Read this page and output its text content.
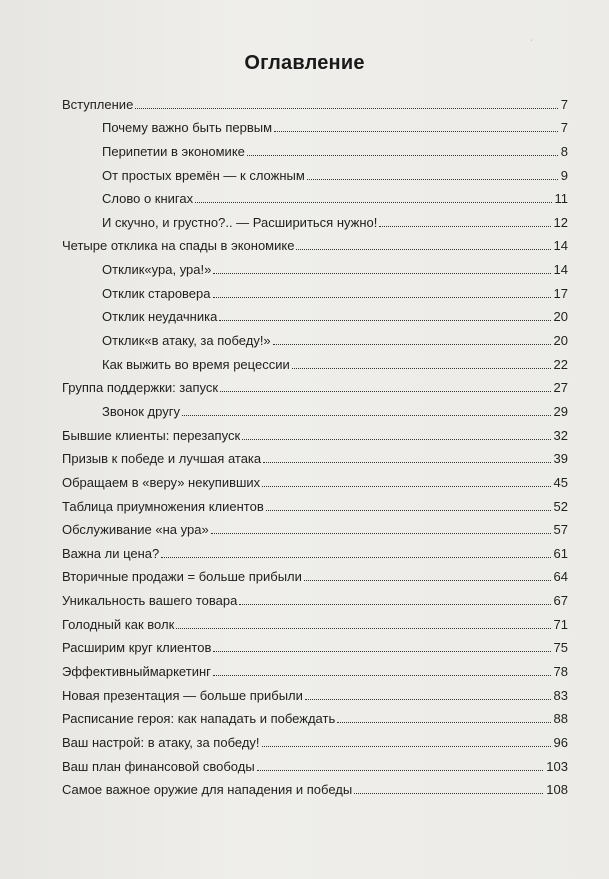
ˈ
Оглавление
Вступление	7
Почему важно быть первым	7
Перипетии в экономике	8
От простых времён — к сложным	9
Слово о книгах	11
И скучно, и грустно?.. — Расшириться нужно!	12
Четыре отклика на спады в экономике	14
Отклик«ура, ура!»	14
Отклик старовера	17
Отклик неудачника	20
Отклик«в атаку, за победу!»	20
Как выжить во время рецессии	22
Группа поддержки: запуск	27
Звонок другу	29
Бывшие клиенты: перезапуск	32
Призыв к победе и лучшая атака	39
Обращаем в «веру» некупивших	45
Таблица приумножения клиентов	52
Обслуживание «на ура»	57
Важна ли цена?	61
Вторичные продажи = больше прибыли	64
Уникальность вашего товара	67
Голодный как волк	71
Расширим круг клиентов	75
Эффективныймаркетинг	78
Новая презентация — больше прибыли	83
Расписание героя: как нападать и побеждать	88
Ваш настрой: в атаку, за победу!	96
Ваш план финансовой свободы	103
Самое важное оружие для нападения и победы	108
